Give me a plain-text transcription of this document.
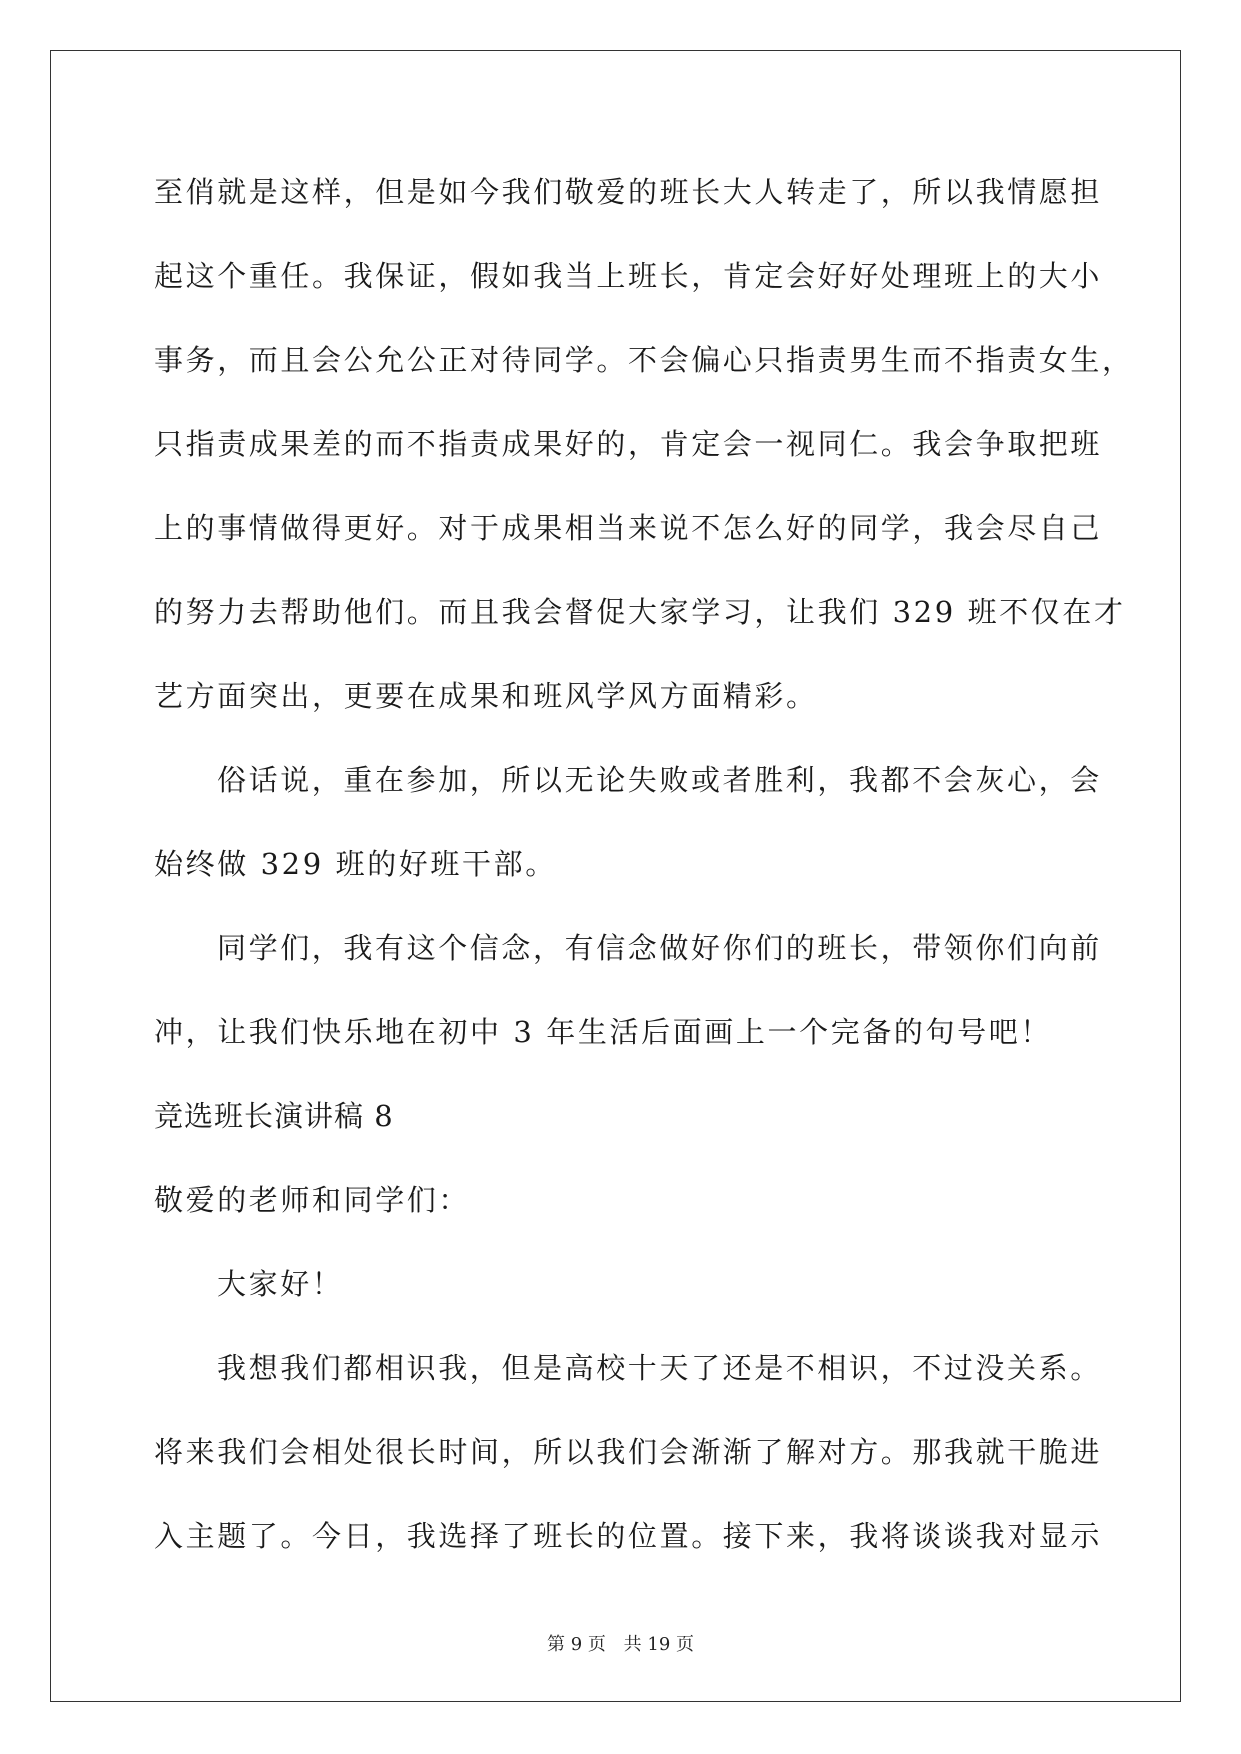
至俏就是这样，但是如今我们敬爱的班长大人转走了，所以我情愿担
起这个重任。我保证，假如我当上班长，肯定会好好处理班上的大小
事务，而且会公允公正对待同学。不会偏心只指责男生而不指责女生，
只指责成果差的而不指责成果好的，肯定会一视同仁。我会争取把班
上的事情做得更好。对于成果相当来说不怎么好的同学，我会尽自己
的努力去帮助他们。而且我会督促大家学习，让我们 329 班不仅在才
艺方面突出，更要在成果和班风学风方面精彩。
俗话说，重在参加，所以无论失败或者胜利，我都不会灰心，会
始终做 329 班的好班干部。
同学们，我有这个信念，有信念做好你们的班长，带领你们向前
冲，让我们快乐地在初中 3 年生活后面画上一个完备的句号吧！
竞选班长演讲稿 8
敬爱的老师和同学们：
大家好！
我想我们都相识我，但是高校十天了还是不相识，不过没关系。
将来我们会相处很长时间，所以我们会渐渐了解对方。那我就干脆进
入主题了。今日，我选择了班长的位置。接下来，我将谈谈我对显示
第 9 页 共 19 页
